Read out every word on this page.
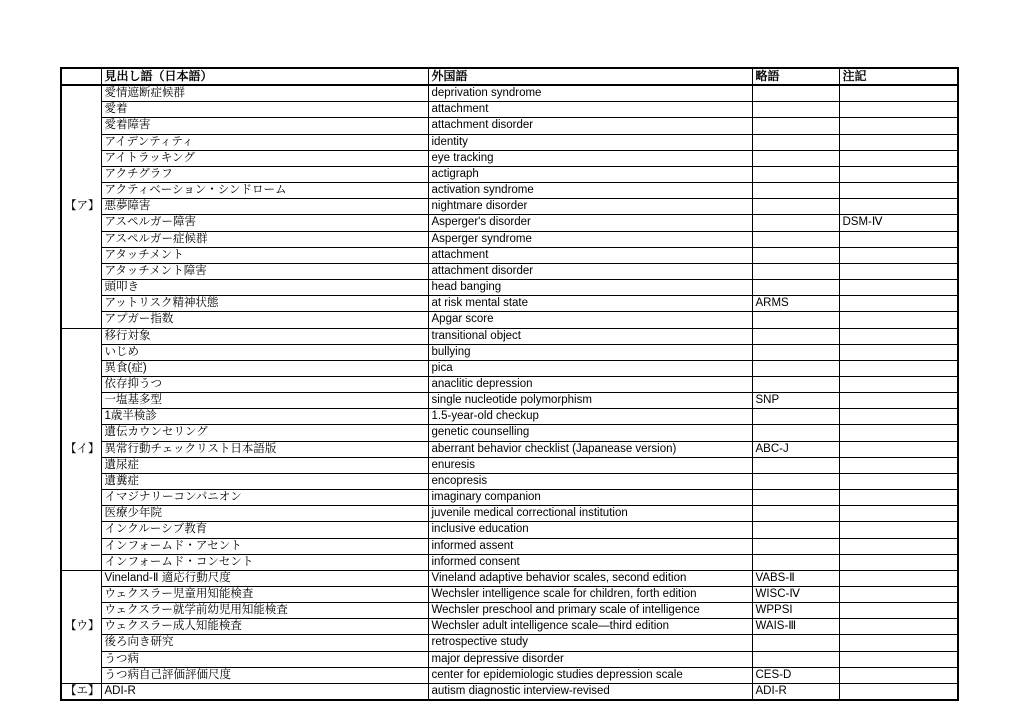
	見出し語（日本語）	外国語	略語	注記
【ア】	愛情遮断症候群	deprivation syndrome		
	愛着	attachment		
	愛着障害	attachment disorder		
	アイデンティティ	identity		
	アイトラッキング	eye tracking		
	アクチグラフ	actigraph		
	アクティベーション・シンドローム	activation syndrome		
	悪夢障害	nightmare disorder		
	アスペルガー障害	Asperger's disorder		DSM-Ⅳ
	アスペルガー症候群	Asperger syndrome		
	アタッチメント	attachment		
	アタッチメント障害	attachment disorder		
	頭叩き	head banging		
	アットリスク精神状態	at risk mental state	ARMS	
	アプガー指数	Apgar score		
【イ】	移行対象	transitional object		
	いじめ	bullying		
	異食(症)	pica		
	依存抑うつ	anaclitic depression		
	一塩基多型	single nucleotide polymorphism	SNP	
	1歳半検診	1.5-year-old checkup		
	遺伝カウンセリング	genetic counselling		
	異常行動チェックリスト日本語版	aberrant behavior checklist (Japanease version)	ABC-J	
	遺尿症	enuresis		
	遺糞症	encopresis		
	イマジナリーコンパニオン	imaginary companion		
	医療少年院	juvenile medical correctional institution		
	インクルーシブ教育	inclusive education		
	インフォームド・アセント	informed assent		
	インフォームド・コンセント	informed consent		
【ウ】	Vineland-Ⅱ 適応行動尺度	Vineland adaptive behavior scales, second edition	VABS-Ⅱ	
	ウェクスラー児童用知能検査	Wechsler intelligence scale for children, forth edition	WISC-Ⅳ	
	ウェクスラー就学前幼児用知能検査	Wechsler preschool and primary scale of intelligence	WPPSI	
	ウェクスラー成人知能検査	Wechsler adult intelligence scale—third edition	WAIS-Ⅲ	
	後ろ向き研究	retrospective study		
	うつ病	major depressive disorder		
	うつ病自己評価評価尺度	center for epidemiologic studies depression scale	CES-D	
【エ】	ADI-R	autism diagnostic interview-revised	ADI-R	
